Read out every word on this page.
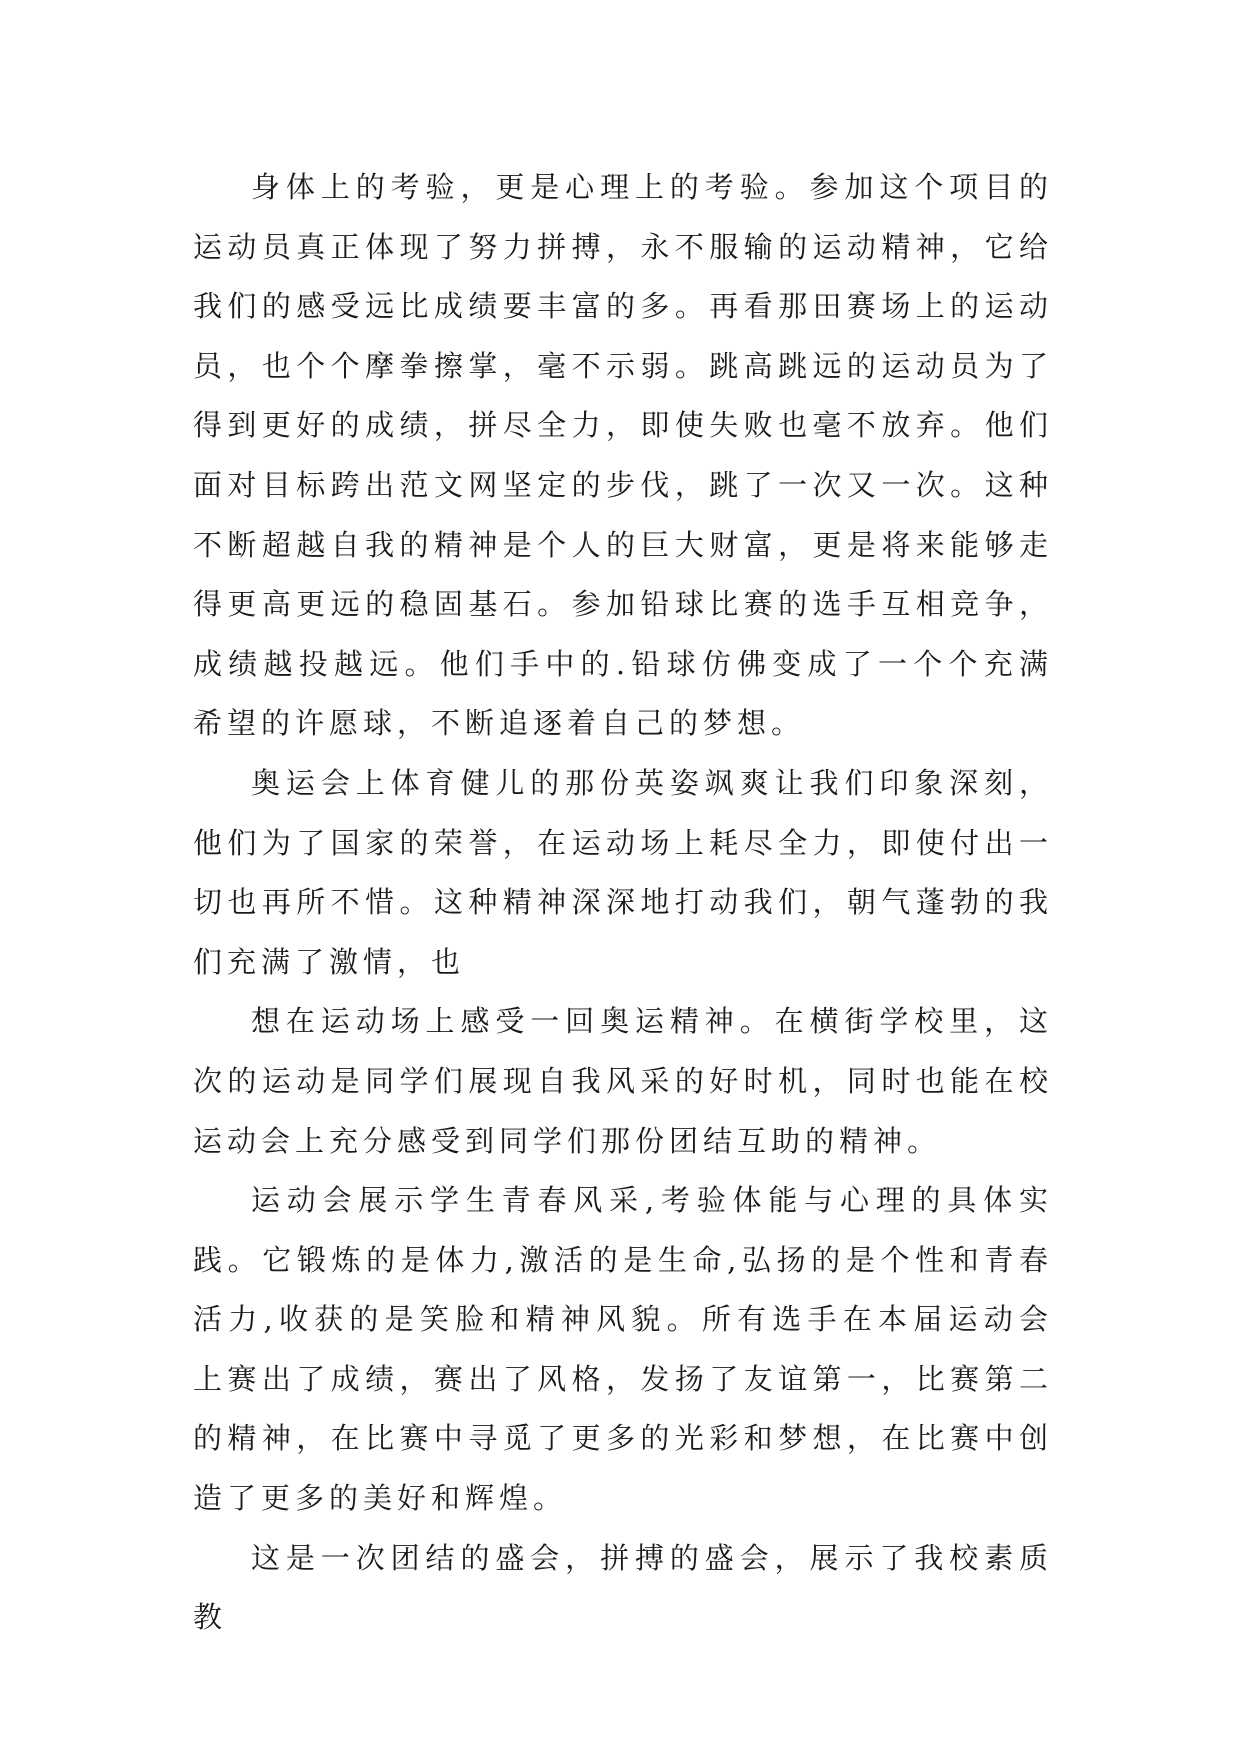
身体上的考验，更是心理上的考验。参加这个项目的运动员真正体现了努力拼搏，永不服输的运动精神，它给我们的感受远比成绩要丰富的多。再看那田赛场上的运动员，也个个摩拳擦掌，毫不示弱。跳高跳远的运动员为了得到更好的成绩，拼尽全力，即使失败也毫不放弃。他们面对目标跨出范文网坚定的步伐，跳了一次又一次。这种不断超越自我的精神是个人的巨大财富，更是将来能够走得更高更远的稳固基石。参加铅球比赛的选手互相竞争，成绩越投越远。他们手中的.铅球仿佛变成了一个个充满希望的许愿球，不断追逐着自己的梦想。

奥运会上体育健儿的那份英姿飒爽让我们印象深刻，他们为了国家的荣誉，在运动场上耗尽全力，即使付出一切也再所不惜。这种精神深深地打动我们，朝气蓬勃的我们充满了激情，也

想在运动场上感受一回奥运精神。在横街学校里，这次的运动是同学们展现自我风采的好时机，同时也能在校运动会上充分感受到同学们那份团结互助的精神。

运动会展示学生青春风采,考验体能与心理的具体实践。它锻炼的是体力,激活的是生命,弘扬的是个性和青春活力,收获的是笑脸和精神风貌。所有选手在本届运动会上赛出了成绩，赛出了风格，发扬了友谊第一，比赛第二的精神，在比赛中寻觅了更多的光彩和梦想，在比赛中创造了更多的美好和辉煌。

这是一次团结的盛会，拼搏的盛会，展示了我校素质教
